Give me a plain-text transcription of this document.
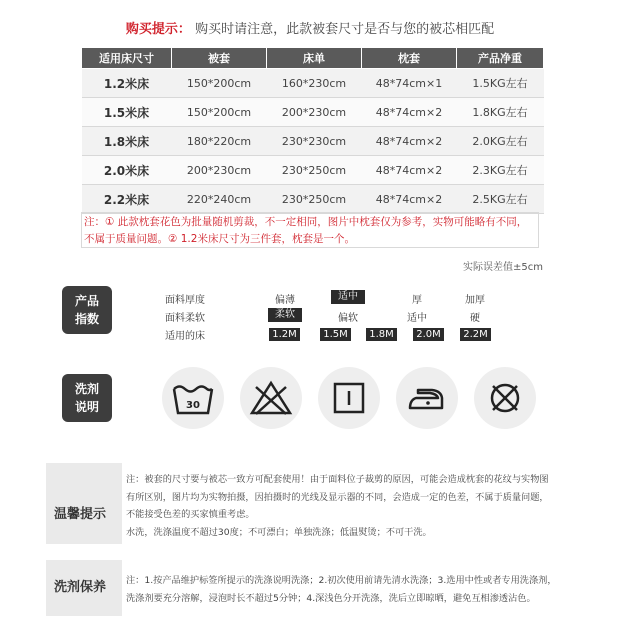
购买提示： 购买时请注意，此款被套尺寸是否与您的被芯相匹配
适用床尺寸	被套	床单	枕套	产品净重
1.2米床	150*200cm	160*230cm	48*74cm×1	1.5KG左右
1.5米床	150*200cm	200*230cm	48*74cm×2	1.8KG左右
1.8米床	180*220cm	230*230cm	48*74cm×2	2.0KG左右
2.0米床	200*230cm	230*250cm	48*74cm×2	2.3KG左右
2.2米床	220*240cm	230*250cm	48*74cm×2	2.5KG左右
注：① 此款枕套花色为批量随机剪裁，不一定相同，图片中枕套仅为参考，实物可能略有不同，
不属于质量问题。② 1.2米床尺寸为三件套，枕套是一个。
实际误差值±5cm
产品
指数
面料厚度	偏薄	适中	厚	加厚
面料柔软	柔软	偏软	适中	硬
适用的床	1.2M	1.5M	1.8M	2.0M	2.2M
洗剂
说明	30
温馨提示
注：被套的尺寸要与被芯一致方可配套使用！由于面料位子裁剪的原因，可能会造成枕套的花纹与实物图
有所区别，图片均为实物拍摄，因拍摄时的光线及显示器的不同，会造成一定的色差，不属于质量问题，
不能接受色差的买家慎重考虑。
水洗，洗涤温度不超过30度；不可漂白；单独洗涤；低温熨烫；不可干洗。
洗剂保养	注：1.按产品维护标签所提示的洗涤说明洗涤；2.初次使用前请先清水洗涤；3.选用中性或者专用洗涤剂，
洗涤剂要充分溶解，浸泡时长不超过5分钟；4.深浅色分开洗涤，洗后立即晾晒，避免互相渗透沾色。
